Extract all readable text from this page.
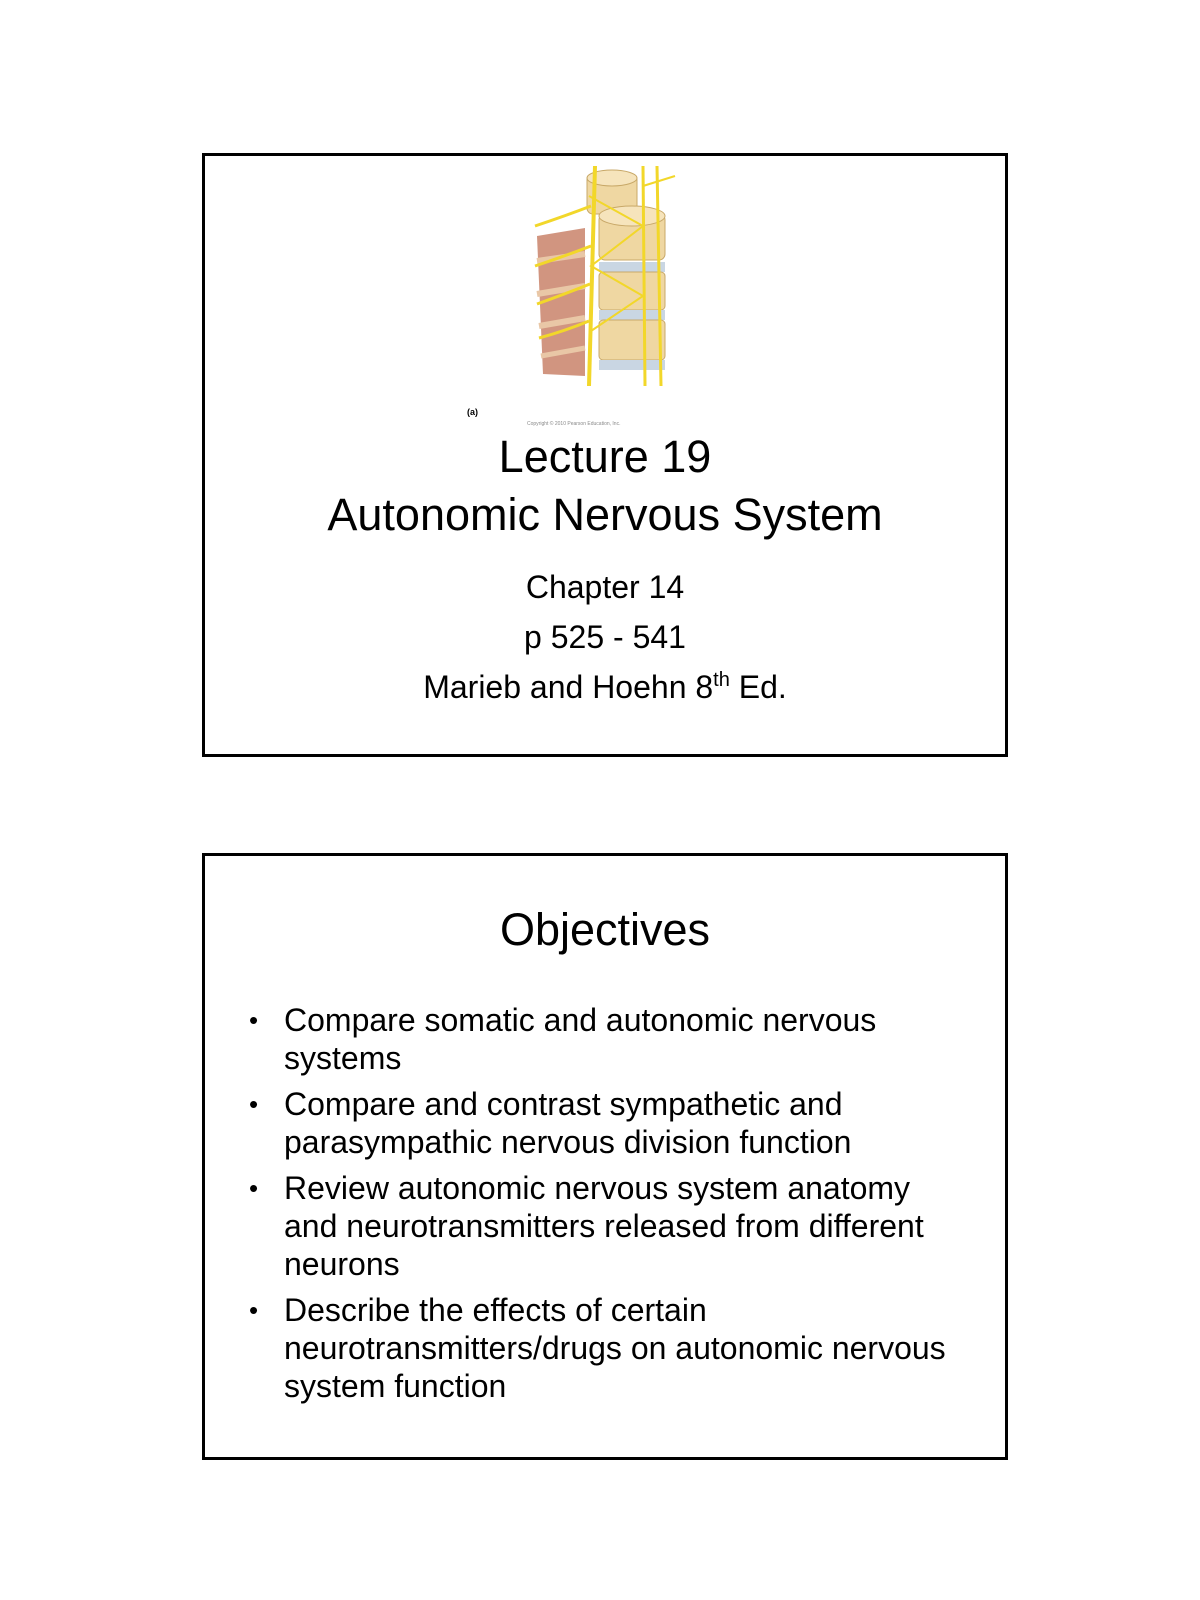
(a)
Copyright © 2010 Pearson Education, Inc.

Lecture 19

Autonomic Nervous System

Chapter 14

p 525 - 541

Marieb and Hoehn 8th Ed.

Objectives
• Compare somatic and autonomic nervous systems
• Compare and contrast sympathetic and parasympathic nervous division function
• Review autonomic nervous system anatomy and neurotransmitters released from different neurons
• Describe the effects of certain neurotransmitters/drugs on autonomic nervous system function
